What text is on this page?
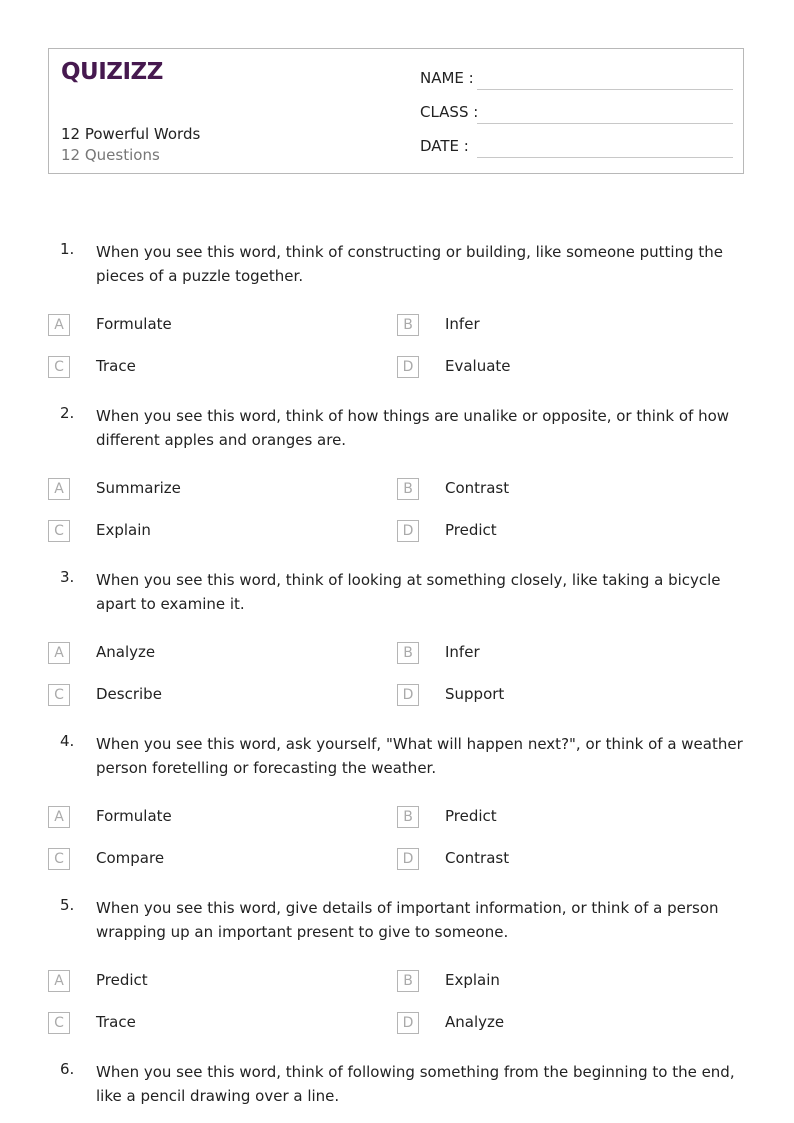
QUIZIZZ
12 Powerful Words
12 Questions
NAME :
CLASS :
DATE :
1. When you see this word, think of constructing or building, like someone putting the pieces of a puzzle together.
A	Formulate	B	Infer
C	Trace	D	Evaluate
2. When you see this word, think of how things are unalike or opposite, or think of how different apples and oranges are.
A	Summarize	B	Contrast
C	Explain	D	Predict
3. When you see this word, think of looking at something closely, like taking a bicycle apart to examine it.
A	Analyze	B	Infer
C	Describe	D	Support
4. When you see this word, ask yourself, "What will happen next?", or think of a weather person foretelling or forecasting the weather.
A	Formulate	B	Predict
C	Compare	D	Contrast
5. When you see this word, give details of important information, or think of a person wrapping up an important present to give to someone.
A	Predict	B	Explain
C	Trace	D	Analyze
6. When you see this word, think of following something from the beginning to the end, like a pencil drawing over a line.
